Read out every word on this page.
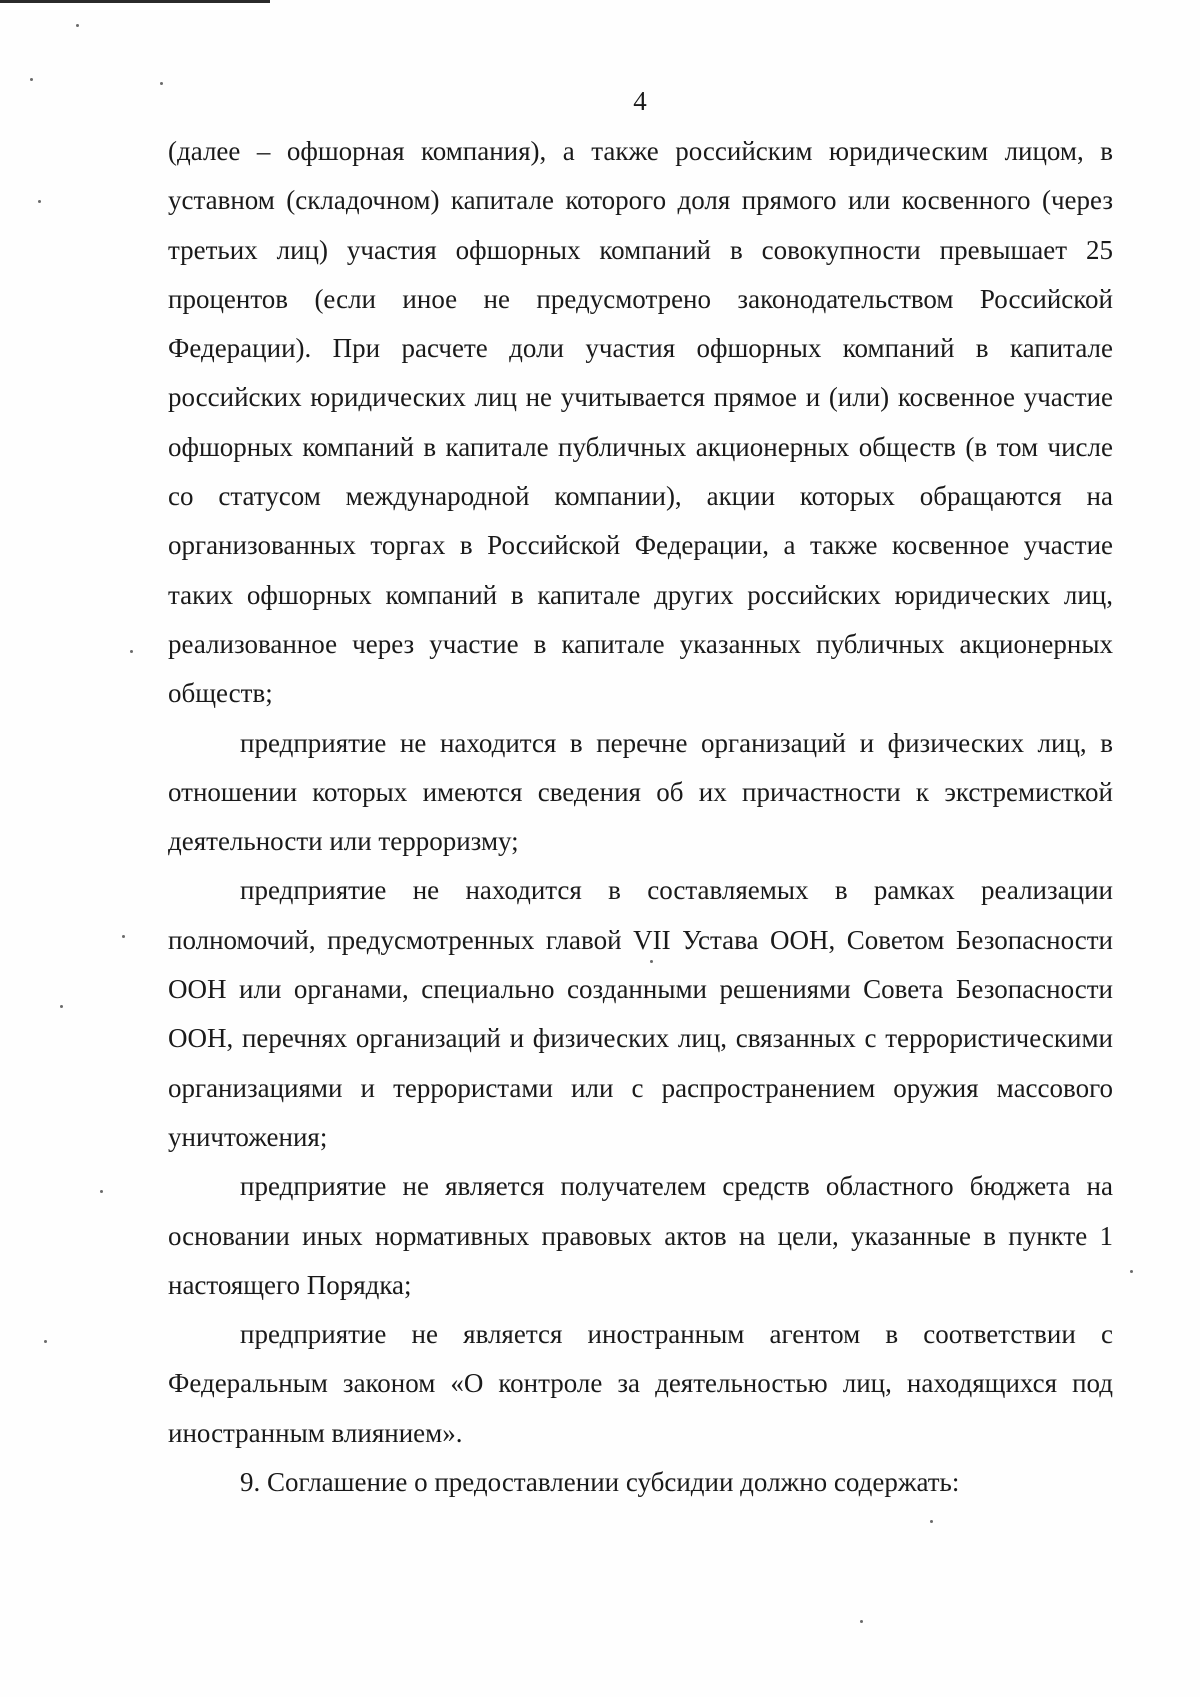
4

(далее – офшорная компания), а также российским юридическим лицом, в уставном (складочном) капитале которого доля прямого или косвенного (через третьих лиц) участия офшорных компаний в совокупности превышает 25 процентов (если иное не предусмотрено законодательством Российской Федерации). При расчете доли участия офшорных компаний в капитале российских юридических лиц не учитывается прямое и (или) косвенное участие офшорных компаний в капитале публичных акционерных обществ (в том числе со статусом международной компании), акции которых обращаются на организованных торгах в Российской Федерации, а также косвенное участие таких офшорных компаний в капитале других российских юридических лиц, реализованное через участие в капитале указанных публичных акционерных обществ;

предприятие не находится в перечне организаций и физических лиц, в отношении которых имеются сведения об их причастности к экстремисткой деятельности или терроризму;

предприятие не находится в составляемых в рамках реализации полномочий, предусмотренных главой VII Устава ООН, Советом Безопасности ООН или органами, специально созданными решениями Совета Безопасности ООН, перечнях организаций и физических лиц, связанных с террористическими организациями и террористами или с распространением оружия массового уничтожения;

предприятие не является получателем средств областного бюджета на основании иных нормативных правовых актов на цели, указанные в пункте 1 настоящего Порядка;

предприятие не является иностранным агентом в соответствии с Федеральным законом «О контроле за деятельностью лиц, находящихся под иностранным влиянием».

9. Соглашение о предоставлении субсидии должно содержать:
